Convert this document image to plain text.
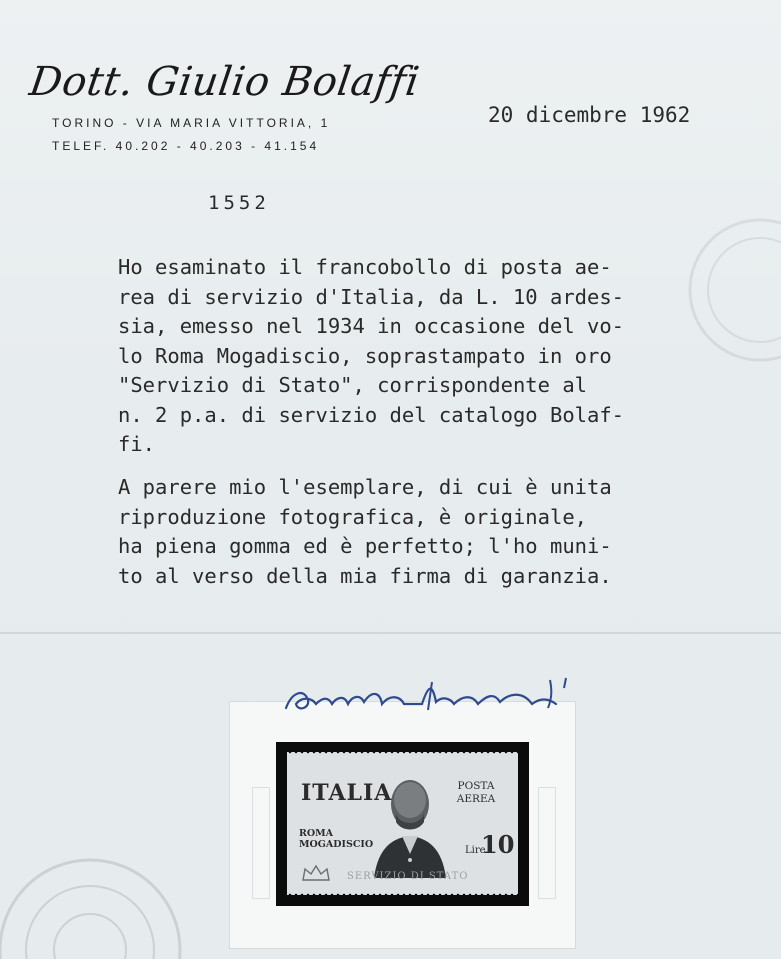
Dott. Giulio Bolaffi
TORINO - VIA MARIA VITTORIA, 1
TELEF. 40.202 - 40.203 - 41.154
20 dicembre 1962
1552

Ho esaminato il francobollo di posta ae-
rea di servizio d'Italia, da L. 10 ardes-
sia, emesso nel 1934 in occasione del vo-
lo Roma Mogadiscio, soprastampato in oro
"Servizio di Stato", corrispondente al
n. 2 p.a. di servizio del catalogo Bolaf-
fi.

A parere mio l'esemplare, di cui è unita
riproduzione fotografica, è originale,
ha piena gomma ed è perfetto; l'ho muni-
to al verso della mia firma di garanzia.

ITALIA	POSTA
AEREA
ROMA
MOGADISCIO
Lire
10
SERVIZIO DI STATO
